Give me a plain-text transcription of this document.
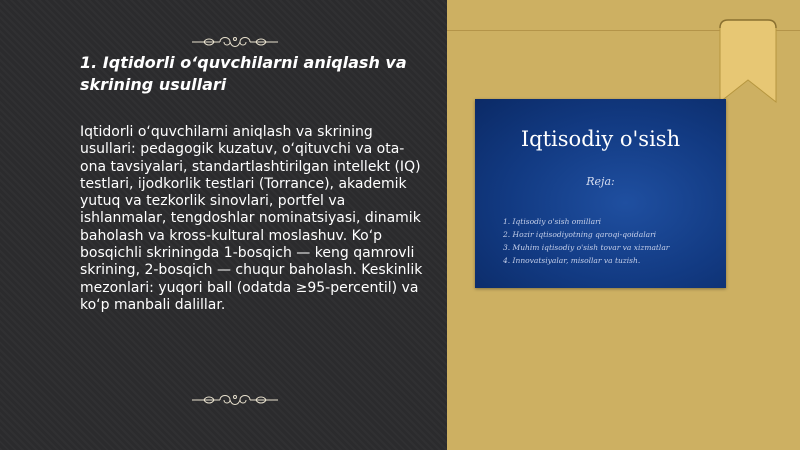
1. Iqtidorli o‘quvchilarni aniqlash va skrining usullari

Iqtidorli o‘quvchilarni aniqlash va skrining usullari: pedagogik kuzatuv, o‘qituvchi va ota-ona tavsiyalari, standartlashtirilgan intellekt (IQ) testlari, ijodkorlik testlari (Torrance), akademik yutuq va tezkorlik sinovlari, portfel va ishlanmalar, tengdoshlar nominatsiyasi, dinamik baholash va kross-kultural moslashuv. Ko‘p bosqichli skriningda 1-bosqich — keng qamrovli skrining, 2-bosqich — chuqur baholash. Keskinlik mezonlari: yuqori ball (odatda ≥95-percentil) va ko‘p manbali dalillar.

Iqtisodiy o'sish
Reja:
1. Iqtisodiy o'sish omillari
2. Hozir iqtisodiyotning qaroqi-qoidalari
3. Muhim iqtisodiy o'sish tovar va xizmatlar
4. Innovatsiyalar, misollar va tuzish.
